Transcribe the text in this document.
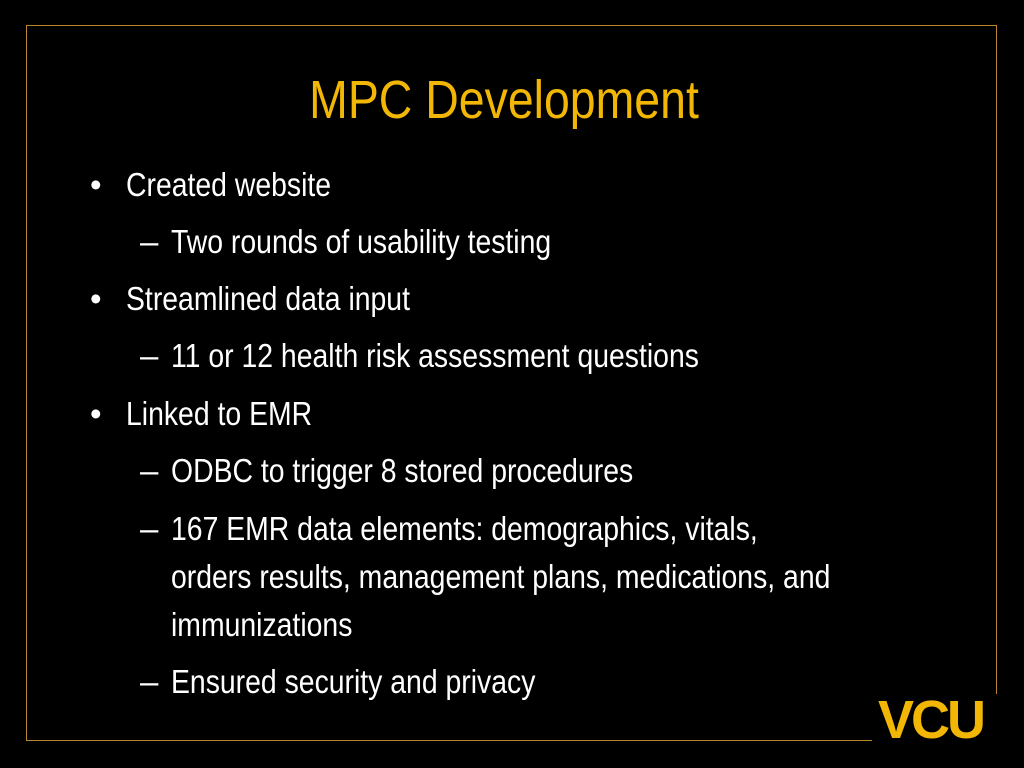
MPC Development
• Created website
– Two rounds of usability testing
• Streamlined data input
– 11 or 12 health risk assessment questions
• Linked to EMR
– ODBC to trigger 8 stored procedures
– 167 EMR data elements: demographics, vitals,
orders results, management plans, medications, and
immunizations
– Ensured security and privacy
VCU
